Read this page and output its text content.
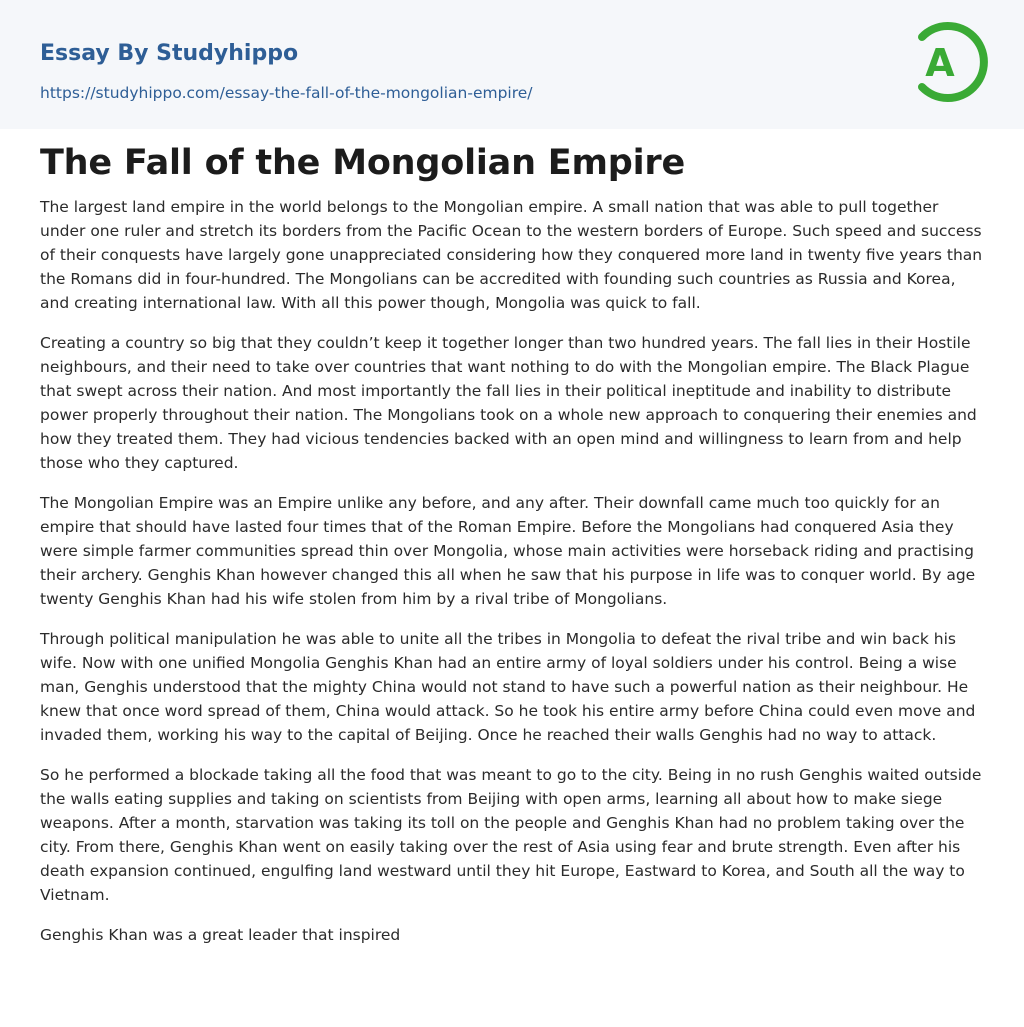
Essay By Studyhippo
https://studyhippo.com/essay-the-fall-of-the-mongolian-empire/
A
The Fall of the Mongolian Empire

The largest land empire in the world belongs to the Mongolian empire. A small nation that was able to pull together under one ruler and stretch its borders from the Pacific Ocean to the western borders of Europe. Such speed and success of their conquests have largely gone unappreciated considering how they conquered more land in twenty five years than the Romans did in four-hundred. The Mongolians can be accredited with founding such countries as Russia and Korea, and creating international law. With all this power though, Mongolia was quick to fall.

Creating a country so big that they couldn’t keep it together longer than two hundred years. The fall lies in their Hostile neighbours, and their need to take over countries that want nothing to do with the Mongolian empire. The Black Plague that swept across their nation. And most importantly the fall lies in their political ineptitude and inability to distribute power properly throughout their nation. The Mongolians took on a whole new approach to conquering their enemies and how they treated them. They had vicious tendencies backed with an open mind and willingness to learn from and help those who they captured.

The Mongolian Empire was an Empire unlike any before, and any after. Their downfall came much too quickly for an empire that should have lasted four times that of the Roman Empire. Before the Mongolians had conquered Asia they were simple farmer communities spread thin over Mongolia, whose main activities were horseback riding and practising their archery. Genghis Khan however changed this all when he saw that his purpose in life was to conquer world. By age twenty Genghis Khan had his wife stolen from him by a rival tribe of Mongolians.

Through political manipulation he was able to unite all the tribes in Mongolia to defeat the rival tribe and win back his wife. Now with one unified Mongolia Genghis Khan had an entire army of loyal soldiers under his control. Being a wise man, Genghis understood that the mighty China would not stand to have such a powerful nation as their neighbour. He knew that once word spread of them, China would attack. So he took his entire army before China could even move and invaded them, working his way to the capital of Beijing. Once he reached their walls Genghis had no way to attack.

So he performed a blockade taking all the food that was meant to go to the city. Being in no rush Genghis waited outside the walls eating supplies and taking on scientists from Beijing with open arms, learning all about how to make siege weapons. After a month, starvation was taking its toll on the people and Genghis Khan had no problem taking over the city. From there, Genghis Khan went on easily taking over the rest of Asia using fear and brute strength. Even after his death expansion continued, engulfing land westward until they hit Europe, Eastward to Korea, and South all the way to Vietnam.

Genghis Khan was a great leader that inspired
